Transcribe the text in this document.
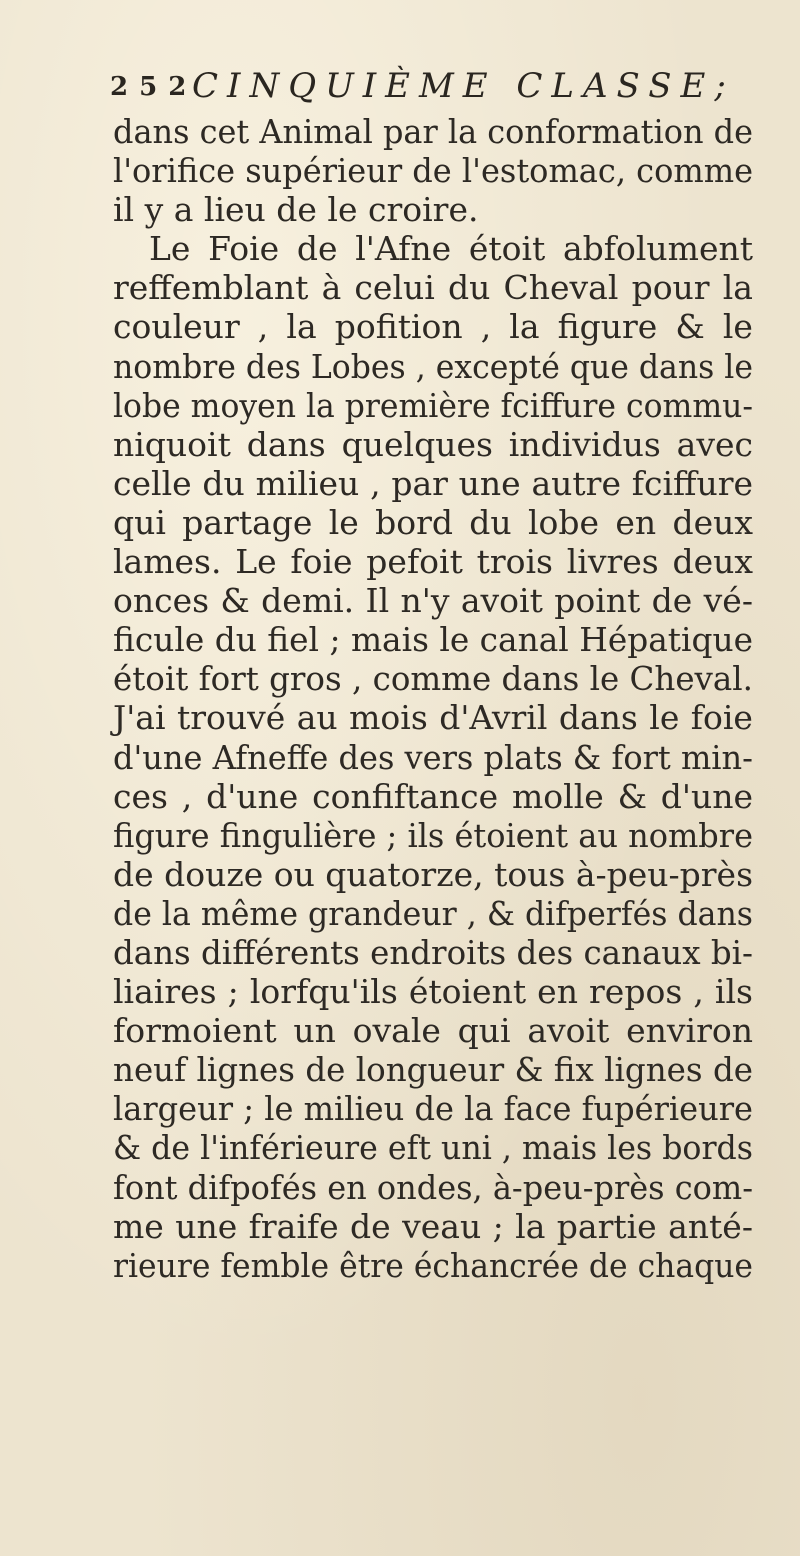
2 5 2 CINQUIÈME CLASSE;
dans cet Animal par la conformation de
l'orifice supérieur de l'estomac, comme
il y a lieu de le croire.
Le Foie de l'Afne étoit abfolument
reffemblant à celui du Cheval pour la
couleur , la pofition , la figure & le
nombre des Lobes , excepté que dans le
lobe moyen la première fciffure commu-
niquoit dans quelques individus avec
celle du milieu , par une autre fciffure
qui partage le bord du lobe en deux
lames. Le foie pefoit trois livres deux
onces & demi. Il n'y avoit point de vé-
ficule du fiel ; mais le canal Hépatique
étoit fort gros , comme dans le Cheval.
J'ai trouvé au mois d'Avril dans le foie
d'une Afneffe des vers plats & fort min-
ces , d'une confiftance molle & d'une
figure fingulière ; ils étoient au nombre
de douze ou quatorze, tous à-peu-près
de la même grandeur , & difperfés dans
dans différents endroits des canaux bi-
liaires ; lorfqu'ils étoient en repos , ils
formoient un ovale qui avoit environ
neuf lignes de longueur & fix lignes de
largeur ; le milieu de la face fupérieure
& de l'inférieure eft uni , mais les bords
font difpofés en ondes, à-peu-près com-
me une fraife de veau ; la partie anté-
rieure femble être échancrée de chaque
